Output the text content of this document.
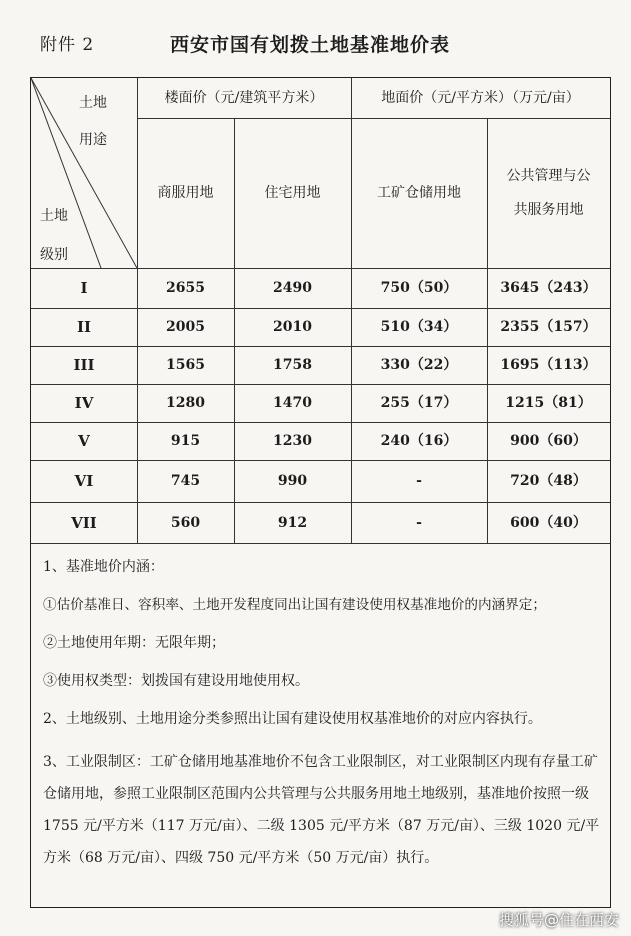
附件 2	西安市国有划拨土地基准地价表
土地
用途
土地
级别
楼面价（元/建筑平方米）	地面价（元/平方米）（万元/亩）
商服用地	住宅用地	工矿仓储用地
公共管理与公
共服务用地
I	2655	2490	750（50）	3645（243）
II	2005	2010	510（34）	2355（157）
III	1565	1758	330（22）	1695（113）
IV	1280	1470	255（17）	1215（81）
V	915	1230	240（16）	900（60）
VI	745	990	-	720（48）
VII	560	912	-	600（40）

1、基准地价内涵：

①估价基准日、容积率、土地开发程度同出让国有建设使用权基准地价的内涵界定；

②土地使用年期：无限年期；

③使用权类型：划拨国有建设用地使用权。

2、土地级别、土地用途分类参照出让国有建设使用权基准地价的对应内容执行。

3、工业限制区：工矿仓储用地基准地价不包含工业限制区，对工业限制区内现有存量工矿仓储用地，参照工业限制区范围内公共管理与公共服务用地土地级别，基准地价按照一级 1755 元/平方米（117 万元/亩）、二级 1305 元/平方米（87 万元/亩）、三级 1020 元/平方米（68 万元/亩）、四级 750 元/平方米（50 万元/亩）执行。

搜狐号@住在西安
